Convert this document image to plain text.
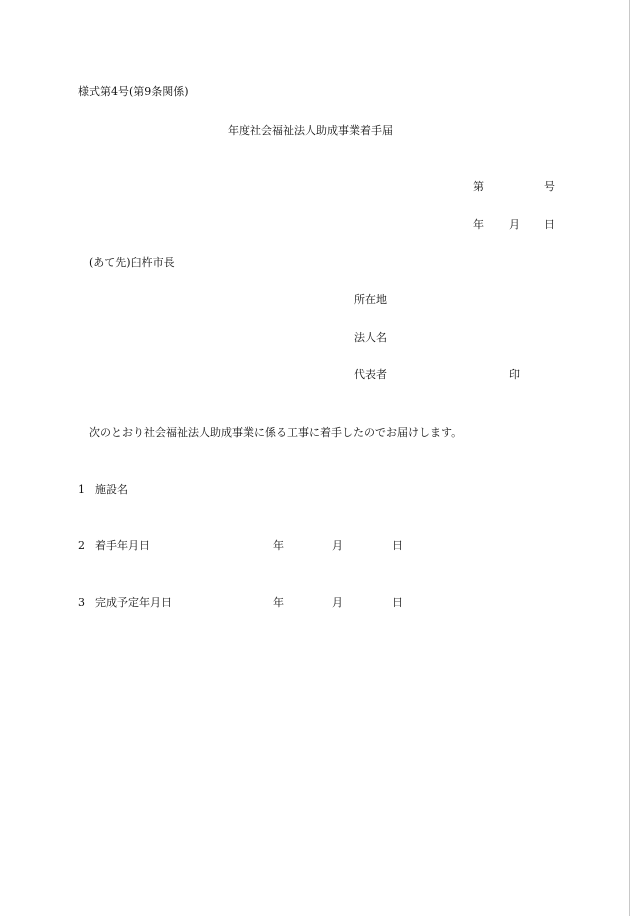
様式第4号(第9条関係)
年度社会福祉法人助成事業着手届
第	号
年 月 日
(あて先)臼杵市長
所在地
法人名
代表者	印
次のとおり社会福祉法人助成事業に係る工事に着手したのでお届けします。
1 施設名
2 着手年月日	年	月	日
3 完成予定年月日	年	月	日
